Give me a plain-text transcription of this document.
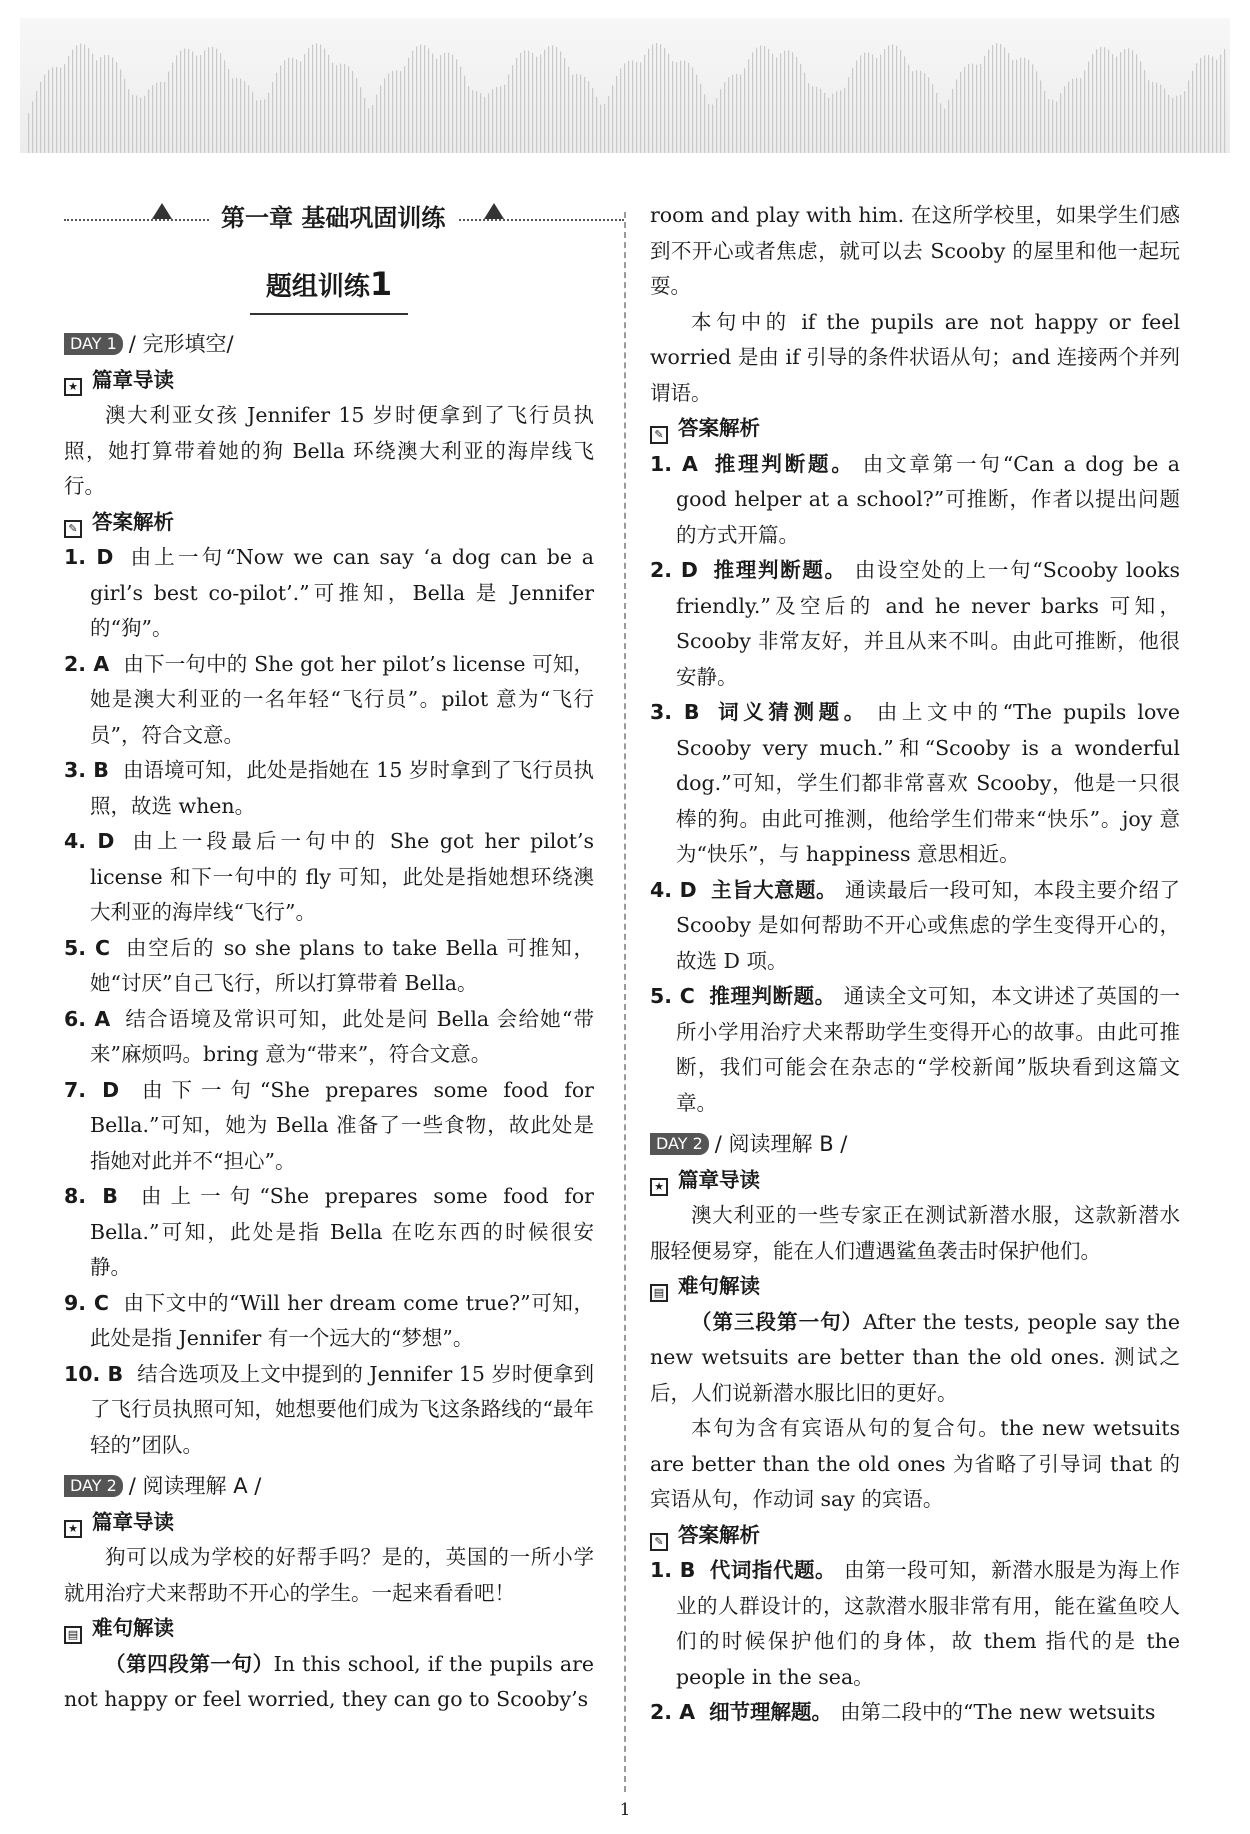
第一章 基础巩固训练
题组训练1
DAY 1 / 完形填空/
★ 篇章导读

澳大利亚女孩 Jennifer 15 岁时便拿到了飞行员执照，她打算带着她的狗 Bella 环绕澳大利亚的海岸线飞行。

✎ 答案解析

1. D 由上一句“Now we can say ‘a dog can be a girl’s best co-pilot’.”可推知，Bella 是 Jennifer 的“狗”。

2. A 由下一句中的 She got her pilot’s license 可知，她是澳大利亚的一名年轻“飞行员”。pilot 意为“飞行员”，符合文意。

3. B 由语境可知，此处是指她在 15 岁时拿到了飞行员执照，故选 when。

4. D 由上一段最后一句中的 She got her pilot’s license 和下一句中的 fly 可知，此处是指她想环绕澳大利亚的海岸线“飞行”。

5. C 由空后的 so she plans to take Bella 可推知，她“讨厌”自己飞行，所以打算带着 Bella。

6. A 结合语境及常识可知，此处是问 Bella 会给她“带来”麻烦吗。bring 意为“带来”，符合文意。

7. D 由下一句“She prepares some food for Bella.”可知，她为 Bella 准备了一些食物，故此处是指她对此并不“担心”。

8. B 由上一句“She prepares some food for Bella.”可知，此处是指 Bella 在吃东西的时候很安静。

9. C 由下文中的“Will her dream come true?”可知，此处是指 Jennifer 有一个远大的“梦想”。

10. B 结合选项及上文中提到的 Jennifer 15 岁时便拿到了飞行员执照可知，她想要他们成为飞这条路线的“最年轻的”团队。

DAY 2 / 阅读理解 A /
★ 篇章导读

狗可以成为学校的好帮手吗？是的，英国的一所小学就用治疗犬来帮助不开心的学生。一起来看看吧！

▤ 难句解读

（第四段第一句）In this school, if the pupils are not happy or feel worried, they can go to Scooby’s

room and play with him. 在这所学校里，如果学生们感到不开心或者焦虑，就可以去 Scooby 的屋里和他一起玩耍。

本句中的 if the pupils are not happy or feel worried 是由 if 引导的条件状语从句；and 连接两个并列谓语。

✎ 答案解析

1. A 推理判断题。 由文章第一句“Can a dog be a good helper at a school?”可推断，作者以提出问题的方式开篇。

2. D 推理判断题。 由设空处的上一句“Scooby looks friendly.”及空后的 and he never barks 可知，Scooby 非常友好，并且从来不叫。由此可推断，他很安静。

3. B 词义猜测题。 由上文中的“The pupils love Scooby very much.”和“Scooby is a wonderful dog.”可知，学生们都非常喜欢 Scooby，他是一只很棒的狗。由此可推测，他给学生们带来“快乐”。joy 意为“快乐”，与 happiness 意思相近。

4. D 主旨大意题。 通读最后一段可知，本段主要介绍了 Scooby 是如何帮助不开心或焦虑的学生变得开心的，故选 D 项。

5. C 推理判断题。 通读全文可知，本文讲述了英国的一所小学用治疗犬来帮助学生变得开心的故事。由此可推断，我们可能会在杂志的“学校新闻”版块看到这篇文章。

DAY 2 / 阅读理解 B /
★ 篇章导读

澳大利亚的一些专家正在测试新潜水服，这款新潜水服轻便易穿，能在人们遭遇鲨鱼袭击时保护他们。

▤ 难句解读

（第三段第一句）After the tests, people say the new wetsuits are better than the old ones. 测试之后，人们说新潜水服比旧的更好。

本句为含有宾语从句的复合句。the new wetsuits are better than the old ones 为省略了引导词 that 的宾语从句，作动词 say 的宾语。

✎ 答案解析

1. B 代词指代题。 由第一段可知，新潜水服是为海上作业的人群设计的，这款潜水服非常有用，能在鲨鱼咬人们的时候保护他们的身体，故 them 指代的是 the people in the sea。

2. A 细节理解题。 由第二段中的“The new wetsuits

1
